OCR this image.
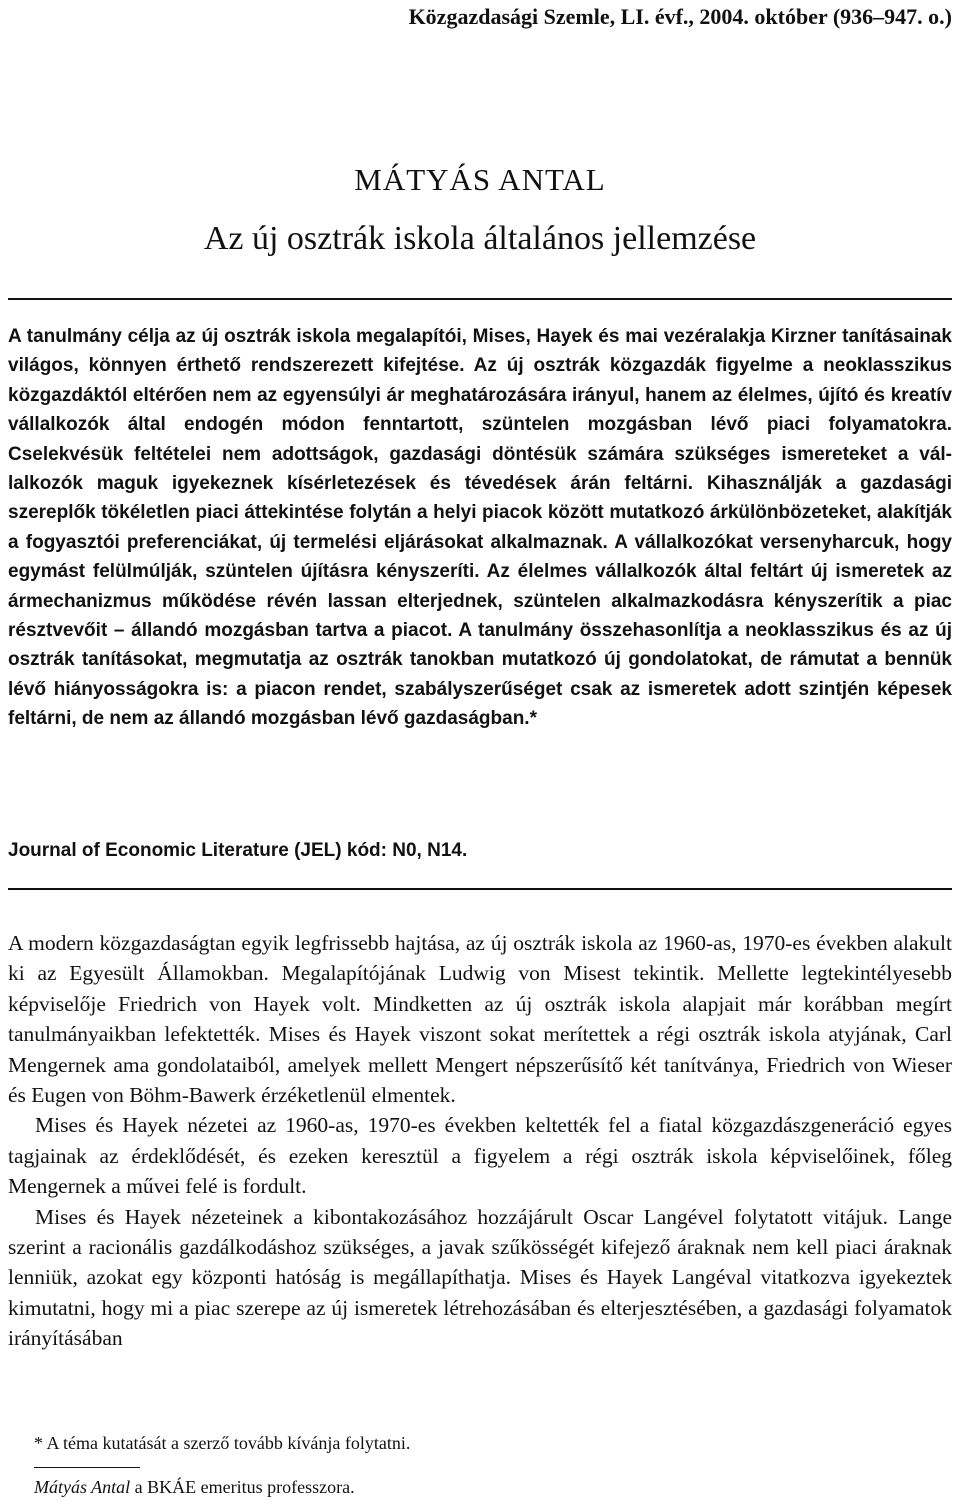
Közgazdasági Szemle, LI. évf., 2004. október (936–947. o.)
MÁTYÁS ANTAL
Az új osztrák iskola általános jellemzése

A tanulmány célja az új osztrák iskola megalapítói, Mises, Hayek és mai vezéralakja Kirzner tanításainak világos, könnyen érthető rendszerezett kifejtése. Az új osztrák közgazdák figyelme a neoklasszikus közgazdáktól eltérően nem az egyensúlyi ár meghatározására irányul, hanem az élelmes, újító és kreatív vállalkozók által endogén módon fenntartott, szüntelen mozgásban lévő piaci folyamatokra. Cselekvésük feltételei nem adottságok, gazdasági döntésük számára szükséges ismereteket a vállalkozók maguk igyekeznek kísérletezések és tévedések árán feltárni. Kihasználják a gazdasági szereplők tökéletlen piaci áttekintése folytán a helyi piacok között mutatkozó árkülönbözeteket, alakítják a fogyasztói preferenciákat, új termelési eljárásokat alkalmaznak. A vállalkozókat versenyharcuk, hogy egymást felülmúlják, szüntelen újításra kényszeríti. Az élelmes vállalkozók által feltárt új ismeretek az ármechanizmus működése révén lassan elterjednek, szüntelen alkalmazkodásra kényszerítik a piac résztvevőit – állandó mozgásban tartva a piacot. A tanulmány összehasonlítja a neoklasszikus és az új osztrák tanításokat, megmutatja az osztrák tanokban mutatkozó új gondolatokat, de rámutat a bennük lévő hiányosságokra is: a piacon rendet, szabályszerűséget csak az ismeretek adott szintjén képesek feltárni, de nem az állandó mozgásban lévő gazdaságban.*

Journal of Economic Literature (JEL) kód: N0, N14.

A modern közgazdaságtan egyik legfrissebb hajtása, az új osztrák iskola az 1960-as, 1970-es években alakult ki az Egyesült Államokban. Megalapítójának Ludwig von Misest tekintik. Mellette legtekintélyesebb képviselője Friedrich von Hayek volt. Mindketten az új osztrák iskola alapjait már korábban megírt tanulmányaikban lefektették. Mises és Hayek viszont sokat merítettek a régi osztrák iskola atyjának, Carl Mengernek ama gondolataiból, amelyek mellett Mengert népszerűsítő két tanítványa, Friedrich von Wieser és Eugen von Böhm-Bawerk érzéketlenül elmentek.

Mises és Hayek nézetei az 1960-as, 1970-es években keltették fel a fiatal közgazdászgeneráció egyes tagjainak az érdeklődését, és ezeken keresztül a figyelem a régi osztrák iskola képviselőinek, főleg Mengernek a művei felé is fordult.

Mises és Hayek nézeteinek a kibontakozásához hozzájárult Oscar Langével folytatott vitájuk. Lange szerint a racionális gazdálkodáshoz szükséges, a javak szűkösségét kifejező áraknak nem kell piaci áraknak lenniük, azokat egy központi hatóság is megállapíthatja. Mises és Hayek Langéval vitatkozva igyekeztek kimutatni, hogy mi a piac szerepe az új ismeretek létrehozásában és elterjesztésében, a gazdasági folyamatok irányításában

* A téma kutatását a szerző tovább kívánja folytatni.
Mátyás Antal a BKÁE emeritus professzora.
